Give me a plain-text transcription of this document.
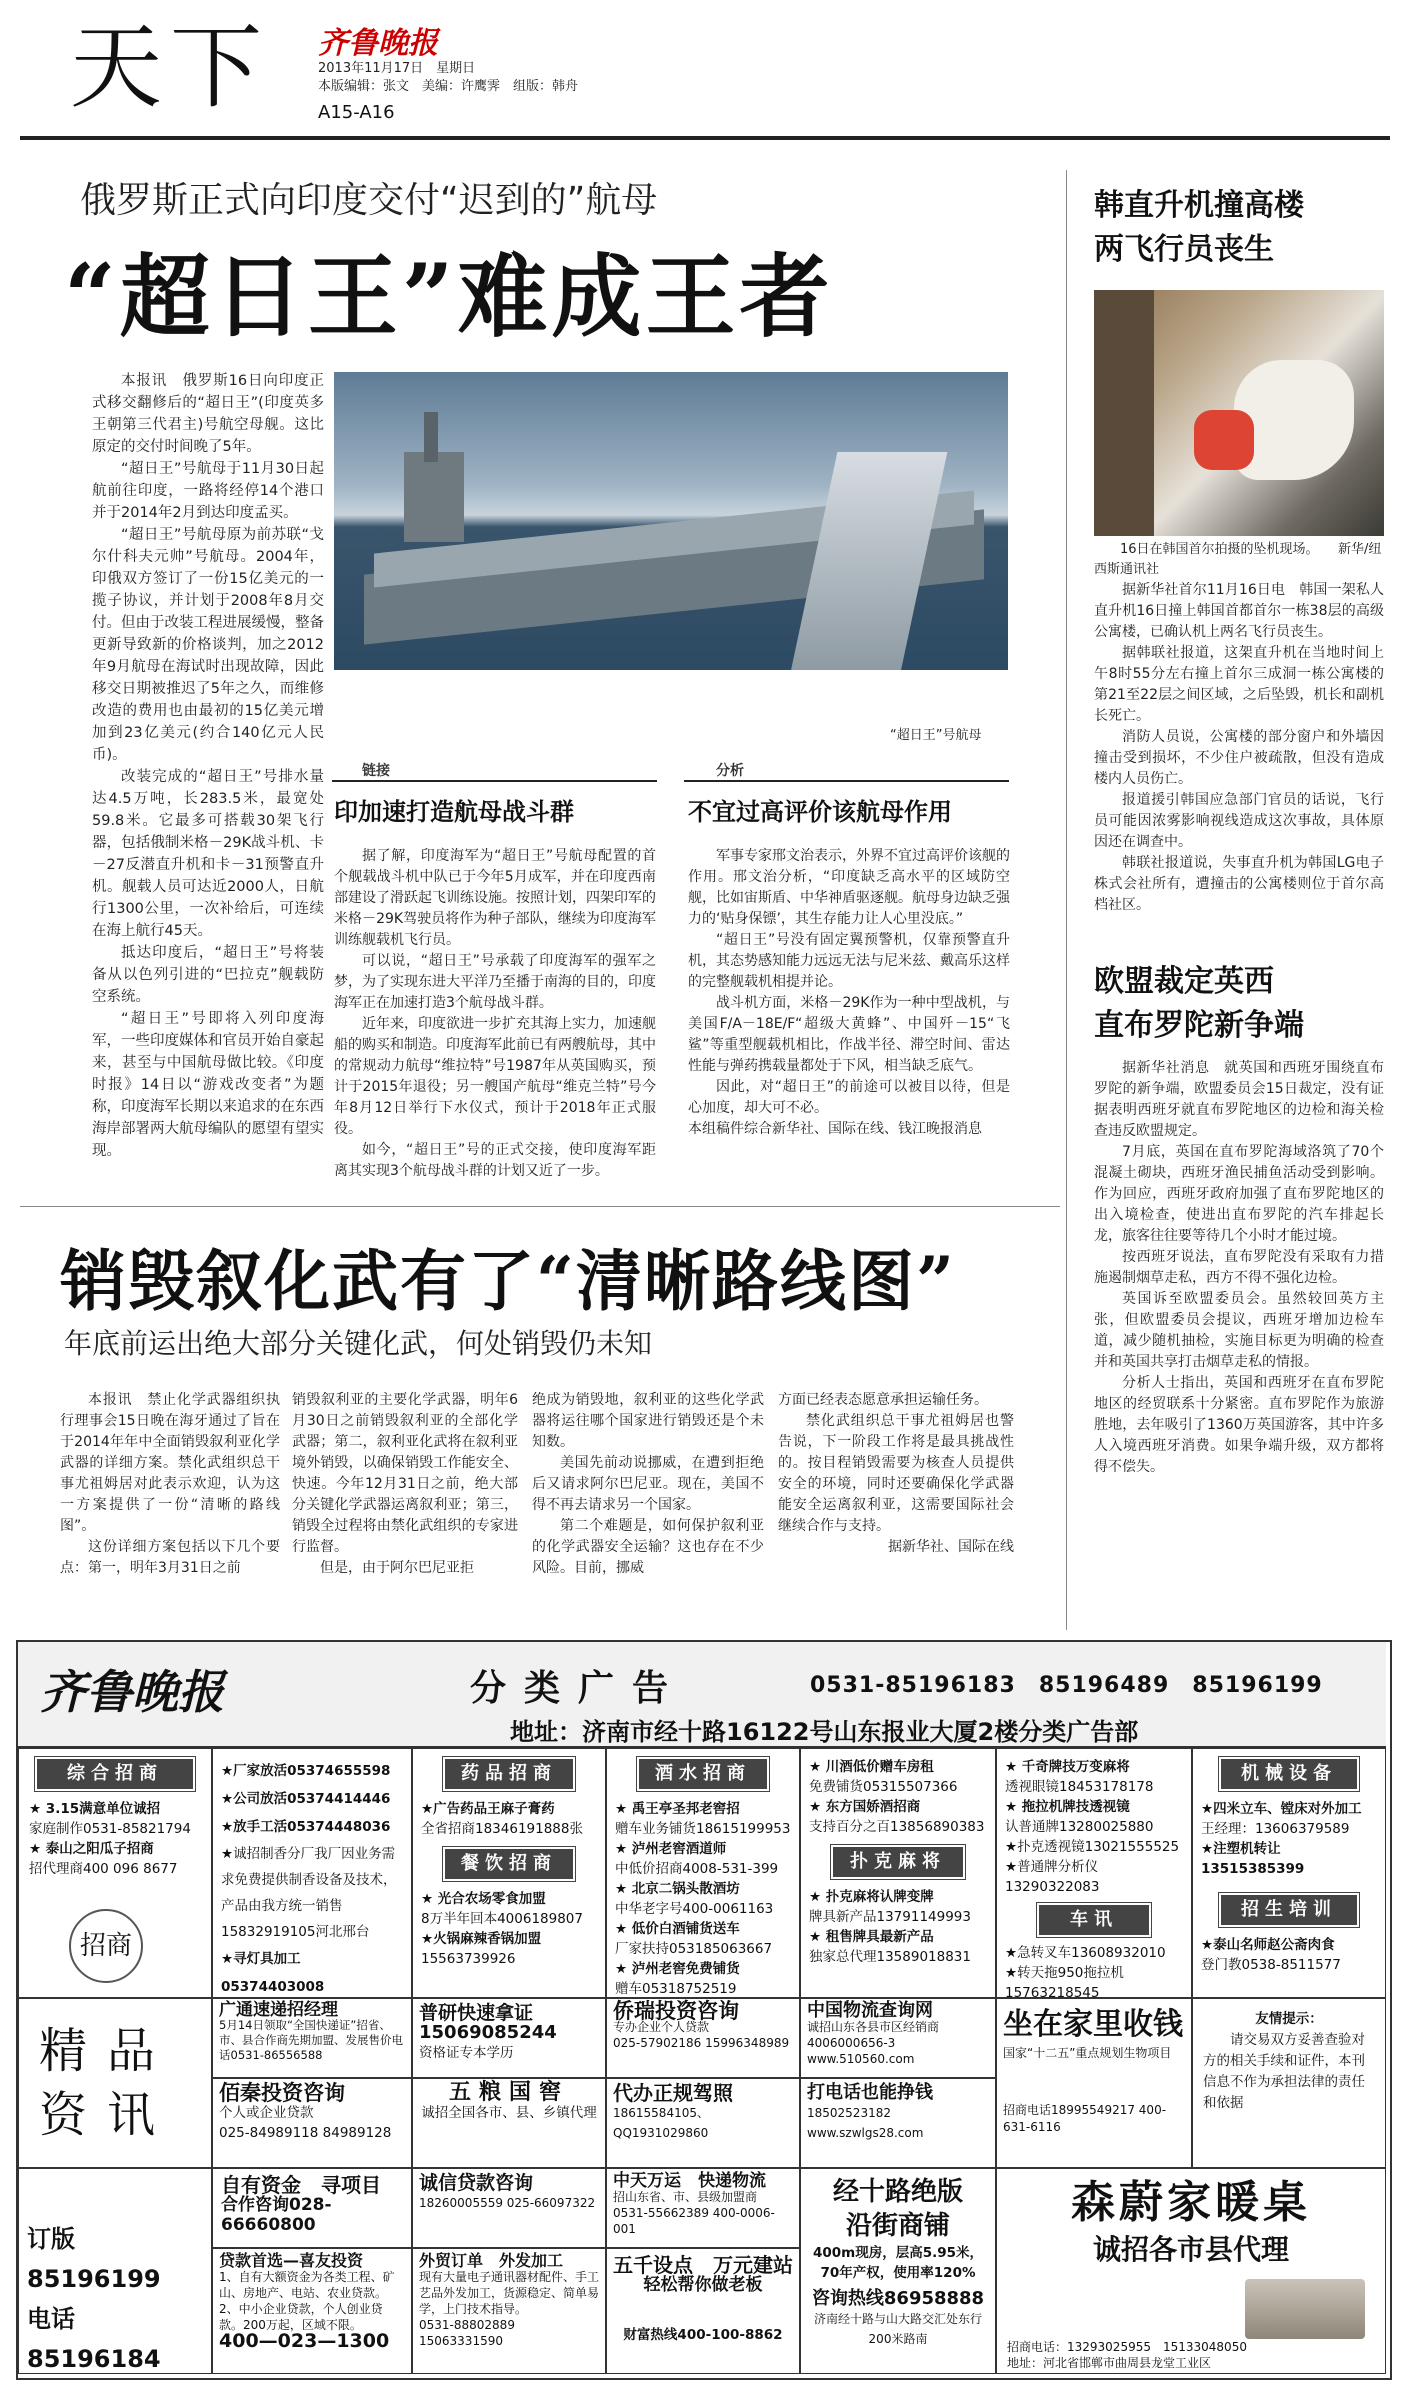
天下 齐鲁晚报
2013年11月17日　星期日
本版编辑：张文　美编：许鹰霁　组版：韩舟
A15-A16
俄罗斯正式向印度交付“迟到的”航母
“超日王”难成王者

本报讯　俄罗斯16日向印度正式移交翻修后的“超日王”(印度英多王朝第三代君主)号航空母舰。这比原定的交付时间晚了5年。

“超日王”号航母于11月30日起航前往印度，一路将经停14个港口并于2014年2月到达印度孟买。

“超日王”号航母原为前苏联“戈尔什科夫元帅”号航母。2004年，印俄双方签订了一份15亿美元的一揽子协议，并计划于2008年8月交付。但由于改装工程进展缓慢，整备更新导致新的价格谈判，加之2012年9月航母在海试时出现故障，因此移交日期被推迟了5年之久，而维修改造的费用也由最初的15亿美元增加到23亿美元(约合140亿元人民币)。

改装完成的“超日王”号排水量达4.5万吨，长283.5米，最宽处59.8米。它最多可搭载30架飞行器，包括俄制米格－29K战斗机、卡－27反潜直升机和卡－31预警直升机。舰载人员可达近2000人，日航行1300公里，一次补给后，可连续在海上航行45天。

抵达印度后，“超日王”号将装备从以色列引进的“巴拉克”舰载防空系统。

“超日王”号即将入列印度海军，一些印度媒体和官员开始自豪起来，甚至与中国航母做比较。《印度时报》14日以“游戏改变者”为题称，印度海军长期以来追求的在东西海岸部署两大航母编队的愿望有望实现。

“超日王”号航母
链接
印加速打造航母战斗群

据了解，印度海军为“超日王”号航母配置的首个舰载战斗机中队已于今年5月成军，并在印度西南部建设了滑跃起飞训练设施。按照计划，四架印军的米格－29K驾驶员将作为种子部队，继续为印度海军训练舰载机飞行员。

可以说，“超日王”号承载了印度海军的强军之梦，为了实现东进大平洋乃至播于南海的目的，印度海军正在加速打造3个航母战斗群。

近年来，印度欲进一步扩充其海上实力，加速舰船的购买和制造。印度海军此前已有两艘航母，其中的常规动力航母“维拉特”号1987年从英国购买，预计于2015年退役；另一艘国产航母“维克兰特”号今年8月12日举行下水仪式，预计于2018年正式服役。

如今，“超日王”号的正式交接，使印度海军距离其实现3个航母战斗群的计划又近了一步。

分析
不宜过高评价该航母作用

军事专家邢文治表示，外界不宜过高评价该舰的作用。邢文治分析，“印度缺乏高水平的区域防空舰，比如宙斯盾、中华神盾驱逐舰。航母身边缺乏强力的‘贴身保镖’，其生存能力让人心里没底。”

“超日王”号没有固定翼预警机，仅靠预警直升机，其态势感知能力远远无法与尼米兹、戴高乐这样的完整舰载机相提并论。

战斗机方面，米格－29K作为一种中型战机，与美国F/A－18E/F“超级大黄蜂”、中国歼－15“飞鲨”等重型舰载机相比，作战半径、滞空时间、雷达性能与弹药携载量都处于下风，相当缺乏底气。

因此，对“超日王”的前途可以被目以待，但是心加度，却大可不必。

本组稿件综合新华社、国际在线、钱江晚报消息

韩直升机撞高楼
两飞行员丧生
16日在韩国首尔拍摄的坠机现场。　　新华/纽西斯通讯社

据新华社首尔11月16日电　韩国一架私人直升机16日撞上韩国首都首尔一栋38层的高级公寓楼，已确认机上两名飞行员丧生。

据韩联社报道，这架直升机在当地时间上午8时55分左右撞上首尔三成洞一栋公寓楼的第21至22层之间区域，之后坠毁，机长和副机长死亡。

消防人员说，公寓楼的部分窗户和外墙因撞击受到损坏，不少住户被疏散，但没有造成楼内人员伤亡。

报道援引韩国应急部门官员的话说，飞行员可能因浓雾影响视线造成这次事故，具体原因还在调查中。

韩联社报道说，失事直升机为韩国LG电子株式会社所有，遭撞击的公寓楼则位于首尔高档社区。

欧盟裁定英西
直布罗陀新争端

据新华社消息　就英国和西班牙围绕直布罗陀的新争端，欧盟委员会15日裁定，没有证据表明西班牙就直布罗陀地区的边检和海关检查违反欧盟规定。

7月底，英国在直布罗陀海域洛筑了70个混凝土砌块，西班牙渔民捕鱼活动受到影响。作为回应，西班牙政府加强了直布罗陀地区的出入境检查，使进出直布罗陀的汽车排起长龙，旅客往往要等待几个小时才能过境。

按西班牙说法，直布罗陀没有采取有力措施遏制烟草走私，西方不得不强化边检。

英国诉至欧盟委员会。虽然较回英方主张，但欧盟委员会提议，西班牙增加边检车道，减少随机抽检，实施目标更为明确的检查并和英国共享打击烟草走私的情报。

分析人士指出，英国和西班牙在直布罗陀地区的经贸联系十分紧密。直布罗陀作为旅游胜地，去年吸引了1360万英国游客，其中许多人入境西班牙消费。如果争端升级，双方都将得不偿失。

销毁叙化武有了“清晰路线图”
年底前运出绝大部分关键化武，何处销毁仍未知

本报讯　禁止化学武器组织执行理事会15日晚在海牙通过了旨在于2014年年中全面销毁叙利亚化学武器的详细方案。禁化武组织总干事尤祖姆居对此表示欢迎，认为这一方案提供了一份“清晰的路线图”。

这份详细方案包括以下几个要点：第一，明年3月31日之前

销毁叙利亚的主要化学武器，明年6月30日之前销毁叙利亚的全部化学武器；第二，叙利亚化武将在叙利亚境外销毁，以确保销毁工作能安全、快速。今年12月31日之前，绝大部分关键化学武器运离叙利亚；第三，销毁全过程将由禁化武组织的专家进行监督。

但是，由于阿尔巴尼亚拒

绝成为销毁地，叙利亚的这些化学武器将运往哪个国家进行销毁还是个未知数。

美国先前动说挪威，在遭到拒绝后又请求阿尔巴尼亚。现在，美国不得不再去请求另一个国家。

第二个难题是，如何保护叙利亚的化学武器安全运输？这也存在不少风险。目前，挪威

方面已经表态愿意承担运输任务。

禁化武组织总干事尤祖姆居也警告说，下一阶段工作将是最具挑战性的。按目程销毁需要为核查人员提供安全的环境，同时还要确保化学武器能安全运离叙利亚，这需要国际社会继续合作与支持。

据新华社、国际在线

齐鲁晚报	分类广告	0531-85196183　85196489　85196199
地址：济南市经十路16122号山东报业大厦2楼分类广告部
综合招商
★ 3.15满意单位诚招
家庭制作0531-85821794
★ 泰山之阳瓜子招商
招代理商400 096 8677
招商
★厂家放活05374655598
★公司放活05374414446
★放手工活05374448036
★诚招制香分厂我厂因业务需求免费提供制香设备及技术，产品由我方统一销售15832919105河北邢台
★寻灯具加工05374403008
药品招商
★广告药品王麻子膏药
全省招商18346191888张
餐饮招商
★ 光合农场零食加盟
8万半年回本4006189807
★火锅麻辣香锅加盟
15563739926
酒水招商
★ 禹王亭圣邦老窖招
赠车业务铺货18615199953
★ 泸州老窖酒道师
中低价招商4008-531-399
★ 北京二锅头散酒坊
中华老字号400-0061163
★ 低价白酒铺货送车
厂家扶持053185063667
★ 泸州老窖免费铺货
赠车05318752519
★ 川酒低价赠车房租
免费铺货05315507366
★ 东方国娇酒招商
支持百分之百13856890383
扑克麻将
★ 扑克麻将认牌变牌
牌具新产品13791149993
★ 租售牌具最新产品
独家总代理13589018831
★ 千奇牌技万变麻将
透视眼镜18453178178
★ 拖拉机牌技透视镜
认普通牌13280025880
★扑克透视镜13021555525
★普通牌分析仪13290322083
车讯
★急转叉车13608932010
★转天拖950拖拉机
15763218545
机械设备
★四米立车、镗床对外加工
王经理：13606379589
★注塑机转让13515385399
招生培训
★泰山名师赵公斋肉食
登门教0538-8511577
精品资讯
广通速递招经理
5月14日领取“全国快递证”招省、市、县合作商先期加盟、发展售价电话0531-86556588
普研快速拿证
15069085244
资格证专本学历
侨瑞投资咨询
专办企业个人贷款
025-57902186 15996348989
中国物流查询网
诚招山东各县市区经销商
4006000656-3 www.510560.com
坐在家里收钱
国家“十二五”重点规划生物项目
招商电话18995549217 400-631-6116
友情提示：
请交易双方妥善查验对方的相关手续和证件，本刊信息不作为承担法律的责任和依据
佰秦投资咨询
个人或企业贷款
025-84989118 84989128
五粮国窖
诚招全国各市、县、乡镇代理
代办正规驾照
18615584105、QQ1931029860
打电话也能挣钱
18502523182 www.szwlgs28.com
自有资金　寻项目
合作咨询028-66660800
诚信贷款咨询
18260005559 025-66097322
中天万运　快递物流
招山东省、市、县级加盟商
0531-55662389 400-0006-001
经十路绝版
沿街商铺
400m现房，层高5.95米，70年产权，使用率120%
咨询热线86958888
济南经十路与山大路交汇处东行200米路南
森蔚家暖桌
诚招各市县代理
招商电话：13293025955　15133048050
地址：河北省邯郸市曲周县龙堂工业区
订版 85196199
电话 85196184
贷款首选—喜友投资
1、自有大额资金为各类工程、矿山、房地产、电站、农业贷款。2、中小企业贷款，个人创业贷款。200万起，区域不限。
400—023—1300
外贸订单　外发加工
现有大量电子通讯器材配件、手工艺品外发加工，货源稳定、简单易学，上门技术指导。
0531-88802889 15063331590
五千设点　万元建站
轻松帮你做老板
财富热线400-100-8862
